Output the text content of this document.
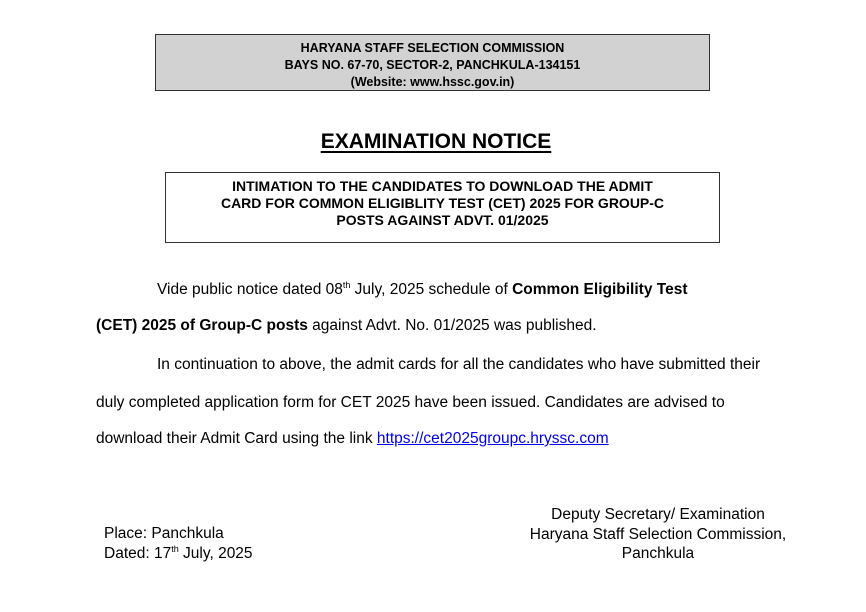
HARYANA STAFF SELECTION COMMISSION
BAYS NO. 67-70, SECTOR-2, PANCHKULA-134151
(Website: www.hssc.gov.in)
EXAMINATION NOTICE
INTIMATION TO THE CANDIDATES TO DOWNLOAD THE ADMIT
CARD FOR COMMON ELIGIBLITY TEST (CET) 2025 FOR GROUP-C
POSTS AGAINST ADVT. 01/2025
Vide public notice dated 08th July, 2025 schedule of Common Eligibility Test
(CET) 2025 of Group-C posts against Advt. No. 01/2025 was published.
In continuation to above, the admit cards for all the candidates who have submitted their
duly completed application form for CET 2025 have been issued. Candidates are advised to
download their Admit Card using the link https://cet2025groupc.hryssc.com
Deputy Secretary/ Examination
Haryana Staff Selection Commission,
Panchkula
Place: Panchkula
Dated: 17th July, 2025
